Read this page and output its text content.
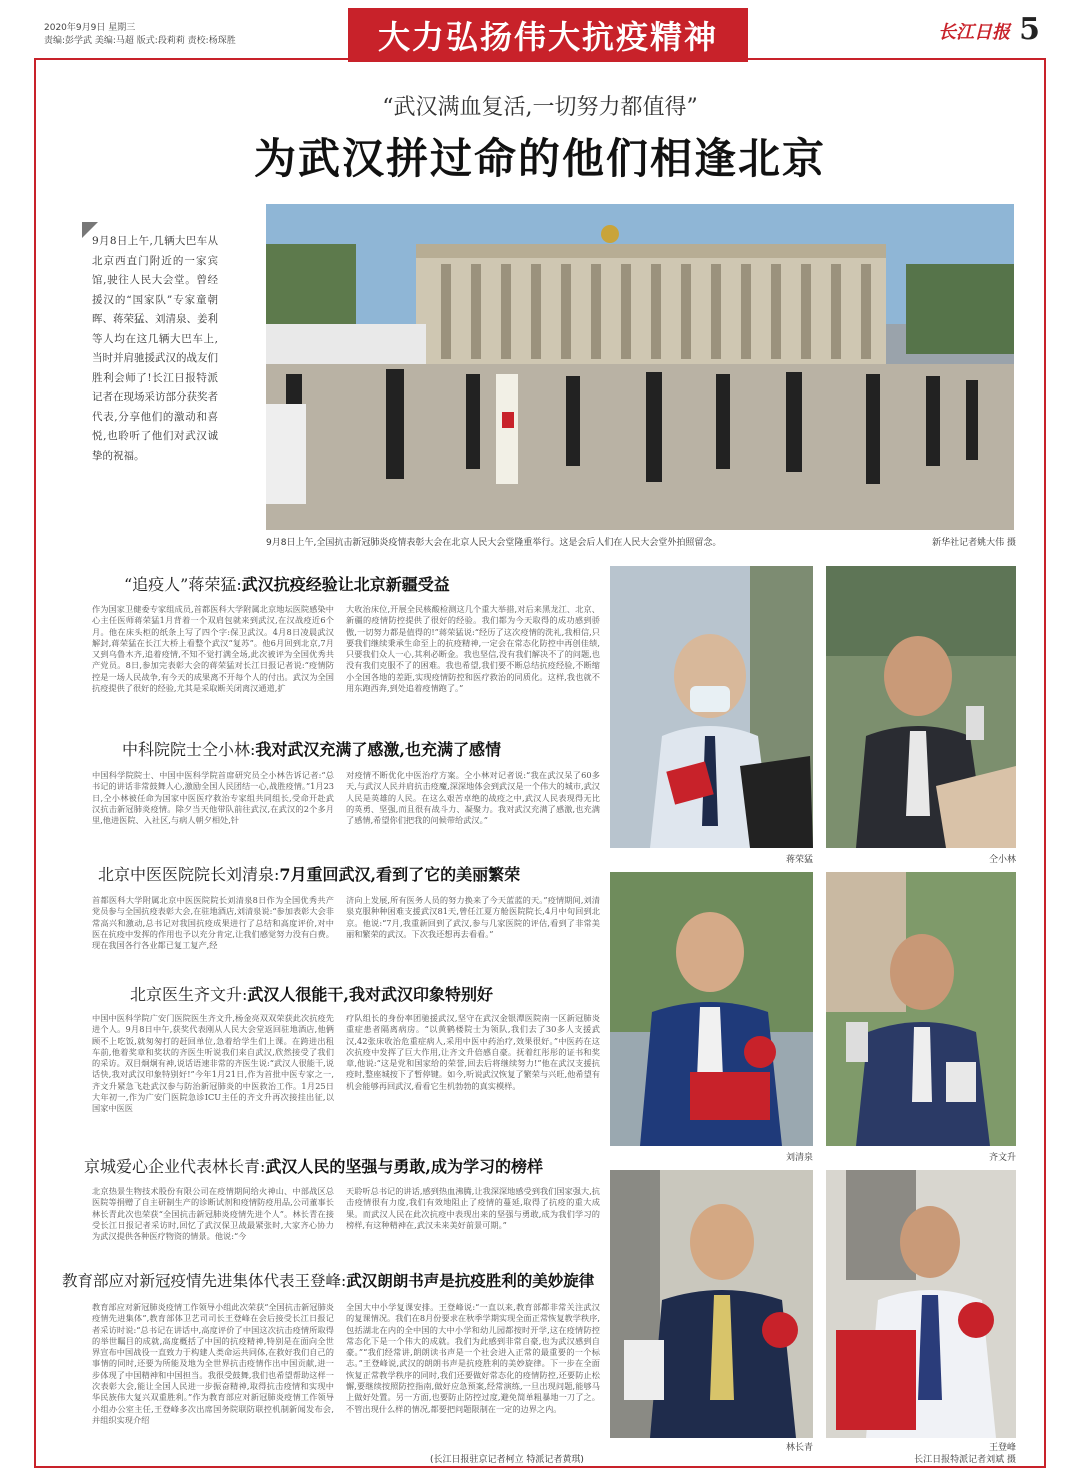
2020年9月9日 星期三
责编:彭学武 美编:马超 版式:段莉莉 责校:杨琛胜	大力弘扬伟大抗疫精神	长江日报 5
“武汉满血复活,一切努力都值得”
为武汉拼过命的他们相逢北京
9月8日上午,几辆大巴车从北京西直门附近的一家宾馆,驶往人民大会堂。曾经援汉的“国家队”专家童朝晖、蒋荣猛、刘清泉、姜利等人均在这几辆大巴车上,当时并肩驰援武汉的战友们胜利会师了!长江日报特派记者在现场采访部分获奖者代表,分享他们的激动和喜悦,也聆听了他们对武汉诚挚的祝福。
9月8日上午,全国抗击新冠肺炎疫情表彰大会在北京人民大会堂隆重举行。这是会后人们在人民大会堂外拍照留念。	新华社记者姚大伟 摄
“追疫人”蒋荣猛:武汉抗疫经验让北京新疆受益
作为国家卫健委专家组成员,首都医科大学附属北京地坛医院感染中心主任医师蒋荣猛1月背着一个双肩包就来到武汉,在汉战疫近6个月。他在床头柜的纸条上写了四个字:保卫武汉。4月8日凌晨武汉解封,蒋荣猛在长江大桥上看整个武汉“复苏”。他6月回到北京,7月又到乌鲁木齐,追着疫情,不知不觉打满全场,此次被评为全国优秀共产党员。8日,参加完表彰大会的蒋荣猛对长江日报记者说:“疫情防控是一场人民战争,有今天的成果离不开每个人的付出。武汉为全国抗疫提供了很好的经验,尤其是采取断关闭离汉通道,扩
大收治床位,开展全民核酸检测这几个重大举措,对后来黑龙江、北京、新疆的疫情防控提供了很好的经验。我们都为今天取得的成功感到骄傲,一切努力都是值得的!”蒋荣猛说:“经历了这次疫情的洗礼,我相信,只要我们继续秉承生命至上的抗疫精神,一定会在常态化防控中再创佳绩,只要我们众人一心,其利必断金。我也坚信,没有我们解决不了的问题,也没有我们克服不了的困难。我也希望,我们要不断总结抗疫经验,不断缩小全国各地的差距,实现疫情防控和医疗救治的同质化。这样,我也就不用东跑西奔,到处追着疫情跑了。”
中科院院士仝小林:我对武汉充满了感激,也充满了感情
中国科学院院士、中国中医科学院首席研究员仝小林告诉记者:“总书记的讲话非常鼓舞人心,激励全国人民团结一心,战胜疫情。”1月23日,仝小林被任命为国家中医医疗救治专家组共同组长,受命开赴武汉抗击新冠肺炎疫情。除夕当天他带队前往武汉,在武汉的2个多月里,他进医院、入社区,与病人朝夕相处,针
对疫情不断优化中医治疗方案。仝小林对记者说:“我在武汉呆了60多天,与武汉人民并肩抗击疫魔,深深地体会到武汉是一个伟大的城市,武汉人民是英雄的人民。在这么艰苦卓绝的战疫之中,武汉人民表现得无比的英勇、坚强,而且很有战斗力、凝聚力。我对武汉充满了感激,也充满了感情,希望你们把我的问候带给武汉。”
北京中医医院院长刘清泉:7月重回武汉,看到了它的美丽繁荣
首都医科大学附属北京中医医院院长刘清泉8日作为全国优秀共产党员参与全国抗疫表彰大会,在驻地酒店,刘清泉说:“参加表彰大会非常高兴和激动,总书记对我国抗疫成果进行了总结和高度评价,对中医在抗疫中发挥的作用也予以充分肯定,让我们感觉努力没有白费。现在我国各行各业都已复工复产,经
济向上发展,所有医务人员的努力换来了今天蓝蓝的天。”疫情期间,刘清泉克服种种困难支援武汉81天,曾任江夏方舱医院院长,4月中旬回到北京。他说:“7月,我重新回到了武汉,参与几家医院的评估,看到了非常美丽和繁荣的武汉。下次我还想再去看看。”
北京医生齐文升:武汉人很能干,我对武汉印象特别好
中国中医科学院广安门医院医生齐文升,杨金亮双双荣获此次抗疫先进个人。9月8日中午,获奖代表刚从人民大会堂返回驻地酒店,他俩顾不上吃饭,就匆匆打的赶回单位,急着给学生们上课。在跨进出租车前,他着奖章和奖状的齐医生听说我们来自武汉,欣然接受了我们的采访。双目炯炯有神,说话语速非常的齐医生说:“武汉人很能干,说话快,我对武汉印象特别好!”今年1月21日,作为首批中医专家之一,齐文升紧急飞赴武汉参与防治新冠肺炎的中医救治工作。1月25日大年初一,作为广安门医院急诊ICU主任的齐文升再次接挂出征,以国家中医医
疗队组长的身份率团驰援武汉,坚守在武汉金银潭医院南一区新冠肺炎重症患者隔离病房。“以黄鹤楼院士为领队,我们去了30多人支援武汉,42张床收治危重症病人,采用中医中药治疗,效果很好。”中医药在这次抗疫中发挥了巨大作用,让齐文升倍感自豪。抚着红彤彤的证书和奖章,他说:“这是党和国家给的荣誉,回去后将继续努力!”他在武汉支援抗疫时,整座城按下了暂停键。如今,听说武汉恢复了繁荣与兴旺,他希望有机会能够再回武汉,看看它生机勃勃的真实模样。
京城爱心企业代表林长青:武汉人民的坚强与勇敢,成为学习的榜样
北京热景生物技术股份有限公司在疫情期间给火神山、中部战区总医院等捐赠了自主研制生产的诊断试剂和疫情防疫用品,公司董事长林长青此次也荣获“全国抗击新冠肺炎疫情先进个人”。林长青在接受长江日报记者采访时,回忆了武汉保卫战最紧张时,大家齐心协力为武汉提供各种医疗物资的情景。他说:“今
天聆听总书记的讲话,感到热血沸腾,让我深深地感受到我们国家强大,抗击疫情很有力度,我们有效地阻止了疫情的蔓延,取得了抗疫的重大成果。而武汉人民在此次抗疫中表现出来的坚强与勇敢,成为我们学习的榜样,有这种精神在,武汉未来美好前景可期。”
教育部应对新冠疫情先进集体代表王登峰:武汉朗朗书声是抗疫胜利的美妙旋律
教育部应对新冠肺炎疫情工作领导小组此次荣获“全国抗击新冠肺炎疫情先进集体”,教育部体卫艺司司长王登峰在会后接受长江日报记者采访时说:“总书记在讲话中,高度评价了中国这次抗击疫情所取得的举世瞩目的成就,高度概括了中国的抗疫精神,特别是在面向全世界宣布中国战役一直致力于构建人类命运共同体,在救好我们自己的事情的同时,还要为所能及地为全世界抗击疫情作出中国贡献,进一步体现了中国精神和中国担当。我很受鼓舞,我们也希望帮助这样一次表彰大会,能让全国人民进一步振奋精神,取得抗击疫情和实现中华民族伟大复兴双重胜利。”作为教育部应对新冠肺炎疫情工作领导小组办公室主任,王登峰多次出席国务院联防联控机制新闻发布会,并组织实现介绍
全国大中小学复课安排。王登峰说:“一直以来,教育部都非常关注武汉的复课情况。我们在8月份要求在秋季学期实现全面正常恢复教学秩序,包括湖北在内的全中国的大中小学和幼儿园都按时开学,这在疫情防控常态化下是一个伟大的成就。我们为此感到非常自豪,也为武汉感到自豪。”“我们经常讲,朗朗读书声是一个社会进入正常的最重要的一个标志。”王登峰说,武汉的朗朗书声是抗疫胜利的美妙旋律。下一步在全面恢复正常教学秩序的同时,我们还要做好常态化的疫情防控,还要防止松懈,要继续按照防控指南,做好应急预案,经常演练,一旦出现问题,能够马上做好处置。另一方面,也要防止防控过度,避免简单粗暴地一刀了之。不管出现什么样的情况,都要把问题限制在一定的边界之内。
蒋荣猛	仝小林
刘清泉	齐文升
林长青	王登峰
(长江日报驻京记者柯立 特派记者黄琪)	长江日报特派记者刘斌 摄
